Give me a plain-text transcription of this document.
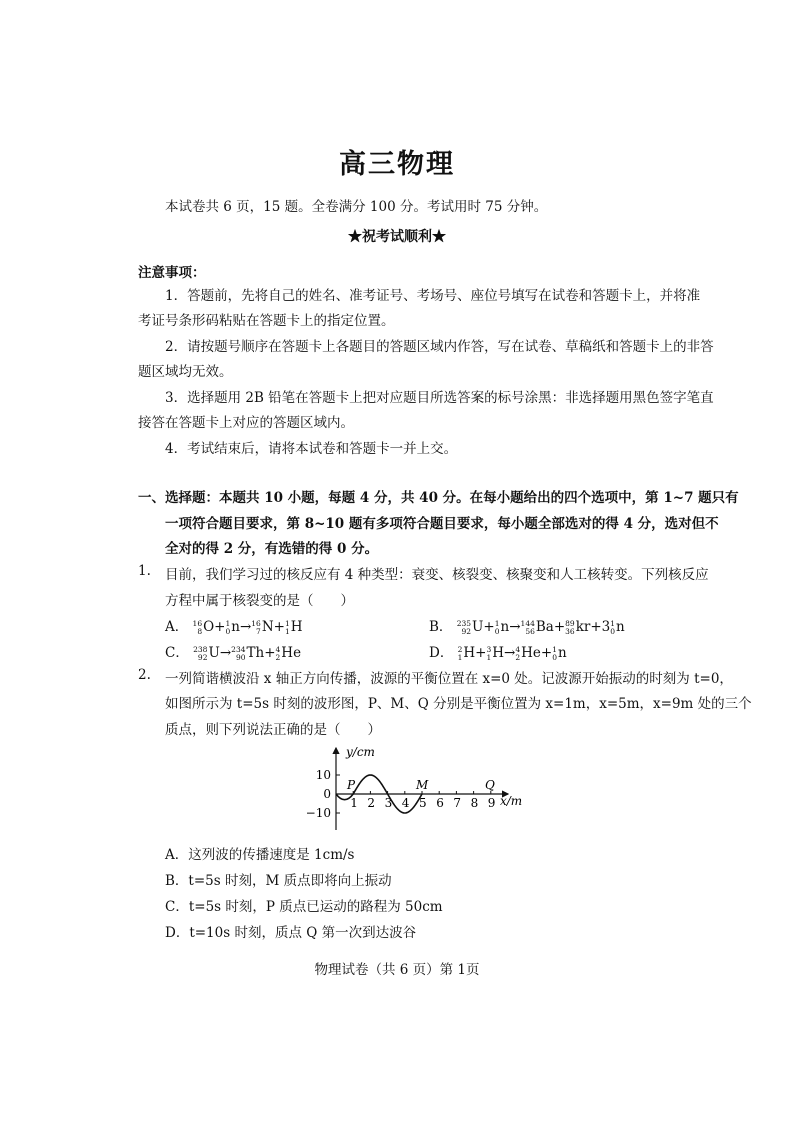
高三物理
本试卷共 6 页，15 题。全卷满分 100 分。考试用时 75 分钟。
★祝考试顺利★
注意事项：
1．答题前，先将自己的姓名、准考证号、考场号、座位号填写在试卷和答题卡上，并将准
考证号条形码粘贴在答题卡上的指定位置。
2．请按题号顺序在答题卡上各题目的答题区域内作答，写在试卷、草稿纸和答题卡上的非答
题区域均无效。
3．选择题用 2B 铅笔在答题卡上把对应题目所选答案的标号涂黑：非选择题用黑色签字笔直
接答在答题卡上对应的答题区域内。
4．考试结束后，请将本试卷和答题卡一并上交。
一、选择题：本题共 10 小题，每题 4 分，共 40 分。在每小题给出的四个选项中，第 1~7 题只有
一项符合题目要求，第 8~10 题有多项符合题目要求，每小题全部选对的得 4 分，选对但不
全对的得 2 分，有选错的得 0 分。
1. 目前，我们学习过的核反应有 4 种类型：衰变、核裂变、核聚变和人工核转变。下列核反应
方程中属于核裂变的是（　　）
A． 16
8 O+ 1
0 n→ 16
7 N+ 1
1 H	B． 235
92 U+ 1
0 n→ 144
56 Ba+ 89
36 kr+3 1
0 n
C． 238
92 U→ 234
90 Th+ 4
2 He	D． 2
1 H+ 3
1 H→ 4
2 He+ 1
0 n
2. 一列简谐横波沿 x 轴正方向传播，波源的平衡位置在 x=0 处。记波源开始振动的时刻为 t=0，
如图所示为 t=5s 时刻的波形图，P、M、Q 分别是平衡位置为 x=1m，x=5m，x=9m 处的三个
质点，则下列说法正确的是（　　）
y/cm
x/m
10
0
−10
1 2 3 4 5 6 7 8 9
P	M	Q
A．这列波的传播速度是 1cm/s
B．t=5s 时刻，M 质点即将向上振动
C．t=5s 时刻，P 质点已运动的路程为 50cm
D．t=10s 时刻，质点 Q 第一次到达波谷
物理试卷（共 6 页）第 1页
